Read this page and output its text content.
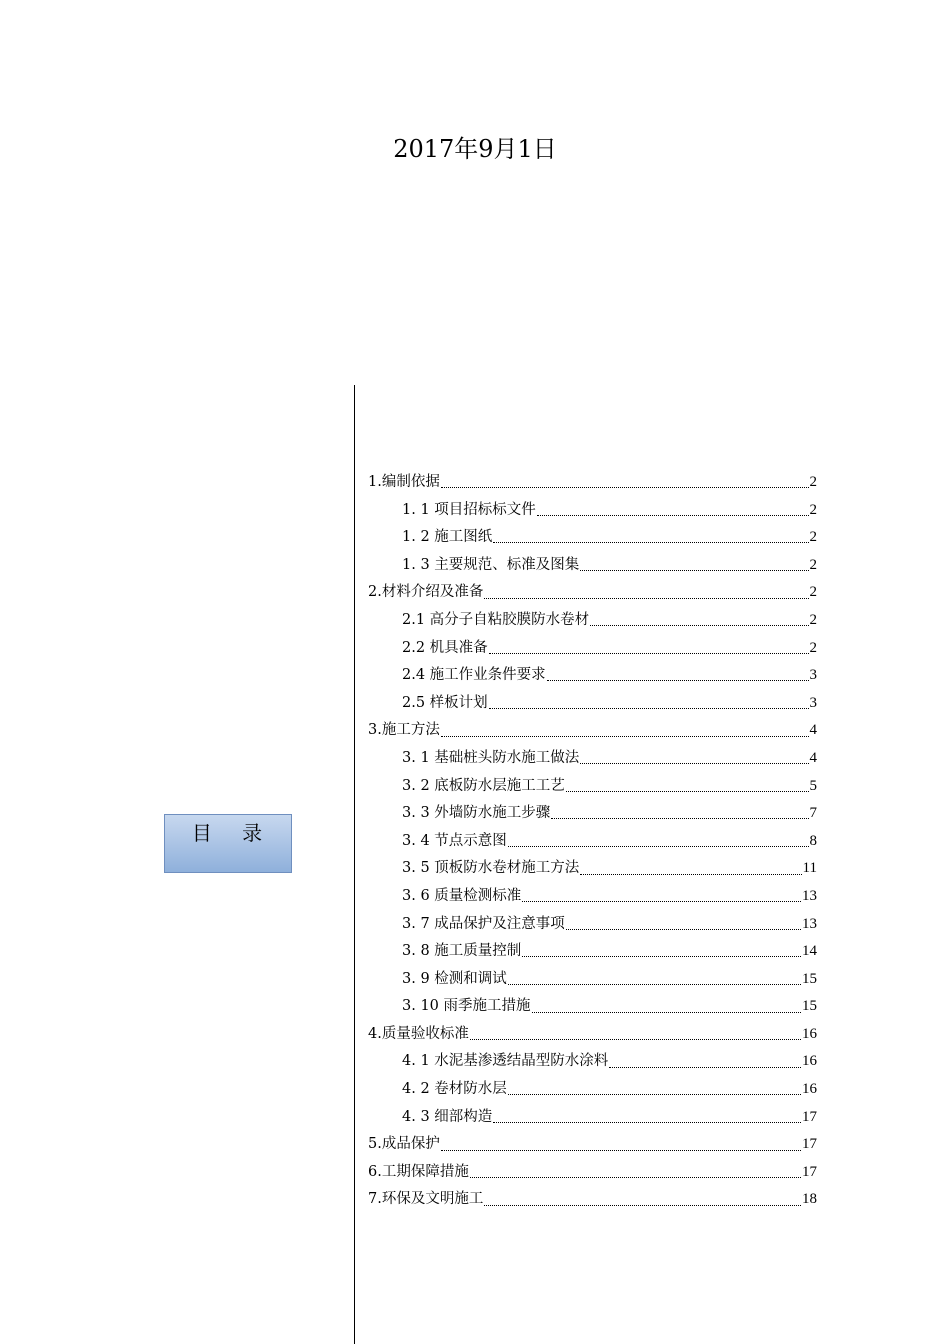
2017年9月1日
目 录
1.编制依据	2
1. 1 项目招标标文件	2
1. 2 施工图纸	2
1. 3 主要规范、标准及图集	2
2.材料介绍及准备	2
2.1 高分子自粘胶膜防水卷材	2
2.2 机具准备	2
2.4 施工作业条件要求	3
2.5 样板计划	3
3.施工方法	4
3. 1 基础桩头防水施工做法	4
3. 2 底板防水层施工工艺	5
3. 3 外墙防水施工步骤	7
3. 4 节点示意图	8
3. 5 顶板防水卷材施工方法	11
3. 6 质量检测标准	13
3. 7 成品保护及注意事项	13
3. 8 施工质量控制	14
3. 9 检测和调试	15
3. 10 雨季施工措施	15
4.质量验收标准	16
4. 1 水泥基渗透结晶型防水涂料	16
4. 2 卷材防水层	16
4. 3 细部构造	17
5.成品保护	17
6.工期保障措施	17
7.环保及文明施工	18
